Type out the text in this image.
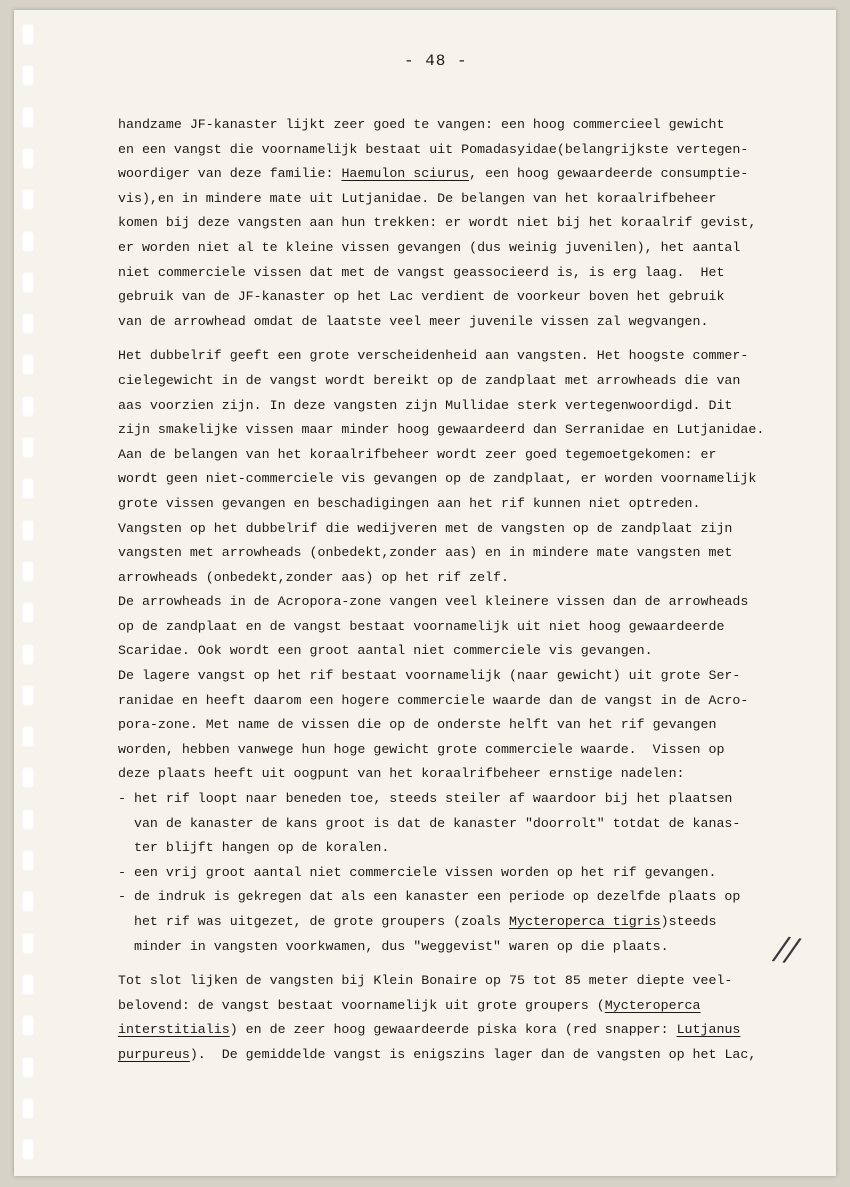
- 48 -
handzame JF-kanaster lijkt zeer goed te vangen: een hoog commercieel gewicht
en een vangst die voornamelijk bestaat uit Pomadasyidae(belangrijkste vertegen-
woordiger van deze familie: Haemulon sciurus, een hoog gewaardeerde consumptie-
vis),en in mindere mate uit Lutjanidae. De belangen van het koraalrifbeheer
komen bij deze vangsten aan hun trekken: er wordt niet bij het koraalrif gevist,
er worden niet al te kleine vissen gevangen (dus weinig juvenilen), het aantal
niet commerciele vissen dat met de vangst geassocieerd is, is erg laag.  Het
gebruik van de JF-kanaster op het Lac verdient de voorkeur boven het gebruik
van de arrowhead omdat de laatste veel meer juvenile vissen zal wegvangen.
Het dubbelrif geeft een grote verscheidenheid aan vangsten. Het hoogste commer-
cielegewicht in de vangst wordt bereikt op de zandplaat met arrowheads die van
aas voorzien zijn. In deze vangsten zijn Mullidae sterk vertegenwoordigd. Dit
zijn smakelijke vissen maar minder hoog gewaardeerd dan Serranidae en Lutjanidae.
Aan de belangen van het koraalrifbeheer wordt zeer goed tegemoetgekomen: er
wordt geen niet-commerciele vis gevangen op de zandplaat, er worden voornamelijk
grote vissen gevangen en beschadigingen aan het rif kunnen niet optreden.
Vangsten op het dubbelrif die wedijveren met de vangsten op de zandplaat zijn
vangsten met arrowheads (onbedekt,zonder aas) en in mindere mate vangsten met
arrowheads (onbedekt,zonder aas) op het rif zelf.
De arrowheads in de Acropora-zone vangen veel kleinere vissen dan de arrowheads
op de zandplaat en de vangst bestaat voornamelijk uit niet hoog gewaardeerde
Scaridae. Ook wordt een groot aantal niet commerciele vis gevangen.
De lagere vangst op het rif bestaat voornamelijk (naar gewicht) uit grote Ser-
ranidae en heeft daarom een hogere commerciele waarde dan de vangst in de Acro-
pora-zone. Met name de vissen die op de onderste helft van het rif gevangen
worden, hebben vanwege hun hoge gewicht grote commerciele waarde.  Vissen op
deze plaats heeft uit oogpunt van het koraalrifbeheer ernstige nadelen:
- het rif loopt naar beneden toe, steeds steiler af waardoor bij het plaatsen
van de kanaster de kans groot is dat de kanaster "doorrolt" totdat de kanas-
ter blijft hangen op de koralen.
- een vrij groot aantal niet commerciele vissen worden op het rif gevangen.
- de indruk is gekregen dat als een kanaster een periode op dezelfde plaats op
het rif was uitgezet, de grote groupers (zoals Mycteroperca tigris)steeds
minder in vangsten voorkwamen, dus "weggevist" waren op die plaats.
Tot slot lijken de vangsten bij Klein Bonaire op 75 tot 85 meter diepte veel-
belovend: de vangst bestaat voornamelijk uit grote groupers (Mycteroperca
interstitialis) en de zeer hoog gewaardeerde piska kora (red snapper: Lutjanus
purpureus).  De gemiddelde vangst is enigszins lager dan de vangsten op het Lac,
//
